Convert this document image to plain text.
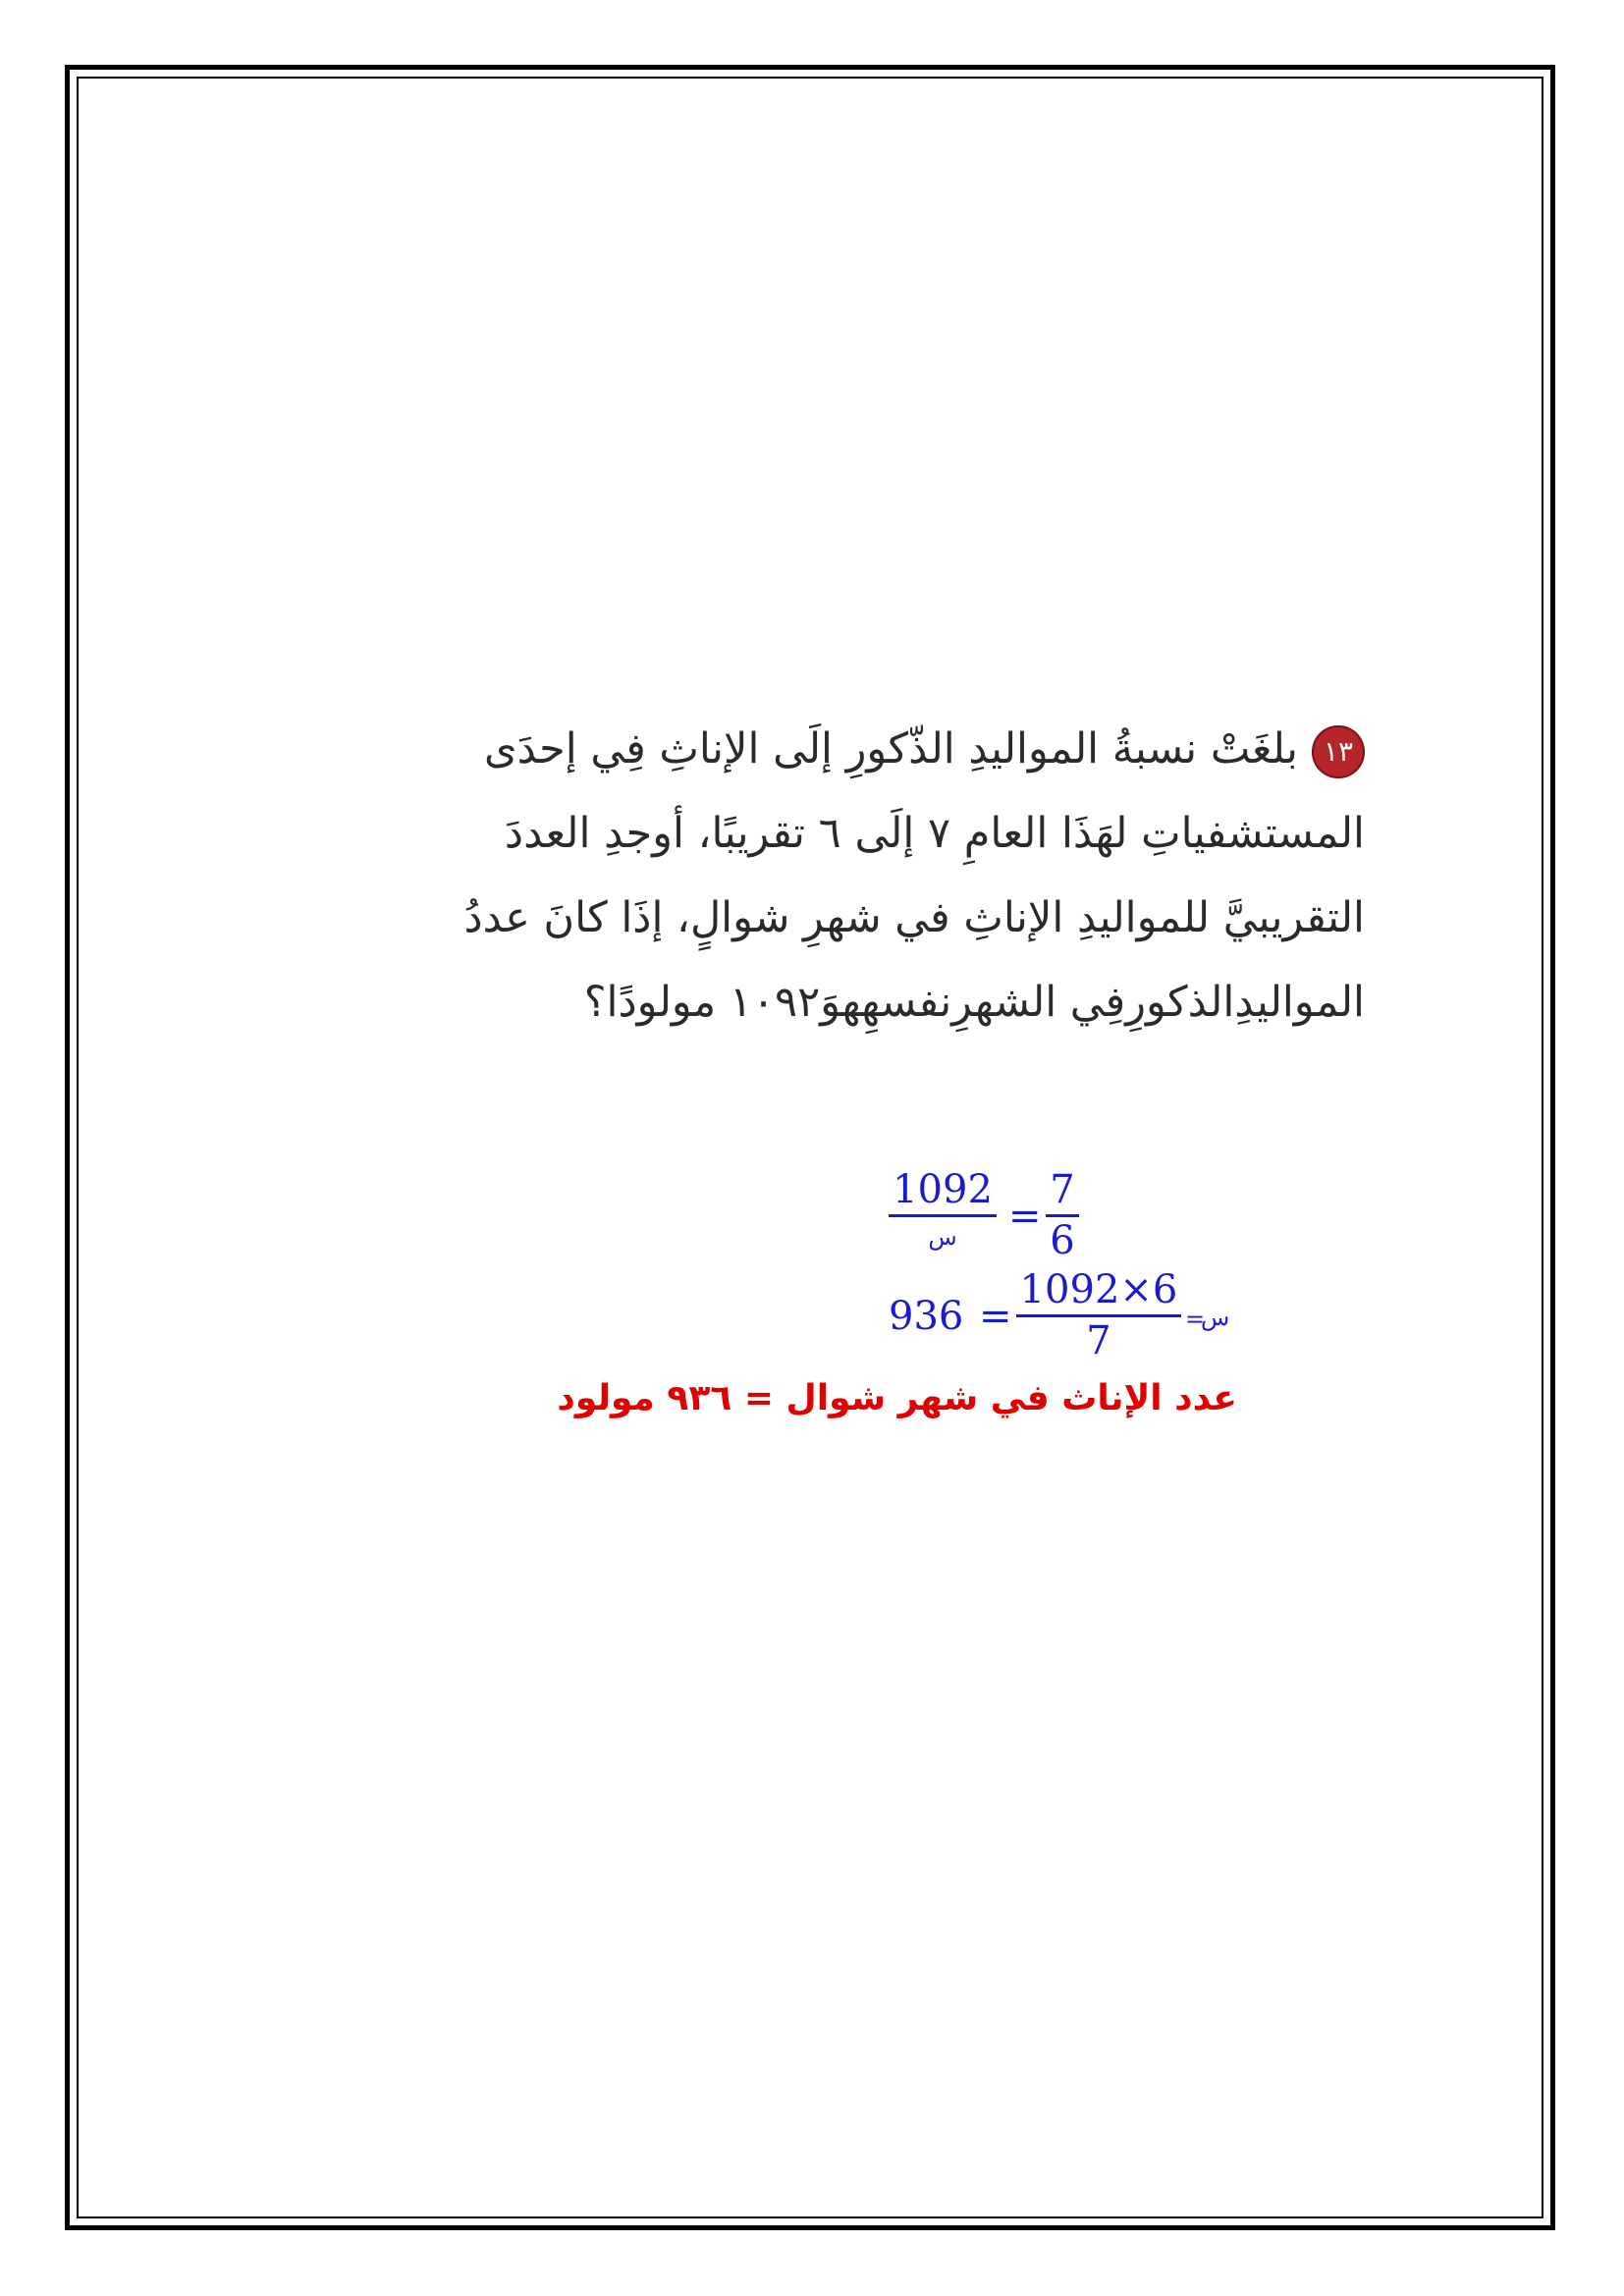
١٣بلغَتْ نسبةُ المواليدِ الذّكورِ إلَى الإناثِ فِي إحدَى
المستشفياتِ لهَذَا العامِ ٧ إلَى ٦ تقريبًا، أوجدِ العددَ
التقريبيَّ للمواليدِ الإناثِ في شهرِ شوالٍ، إذَا كانَ عددُ
المواليدِالذكورِفِي الشهرِنفسهِهوَ١٠٩٢ مولودًا؟
1092
س	=
7
6
936 =
1092×6
7	=
س
عدد الإناث في شهر شوال = ٩٣٦ مولود
